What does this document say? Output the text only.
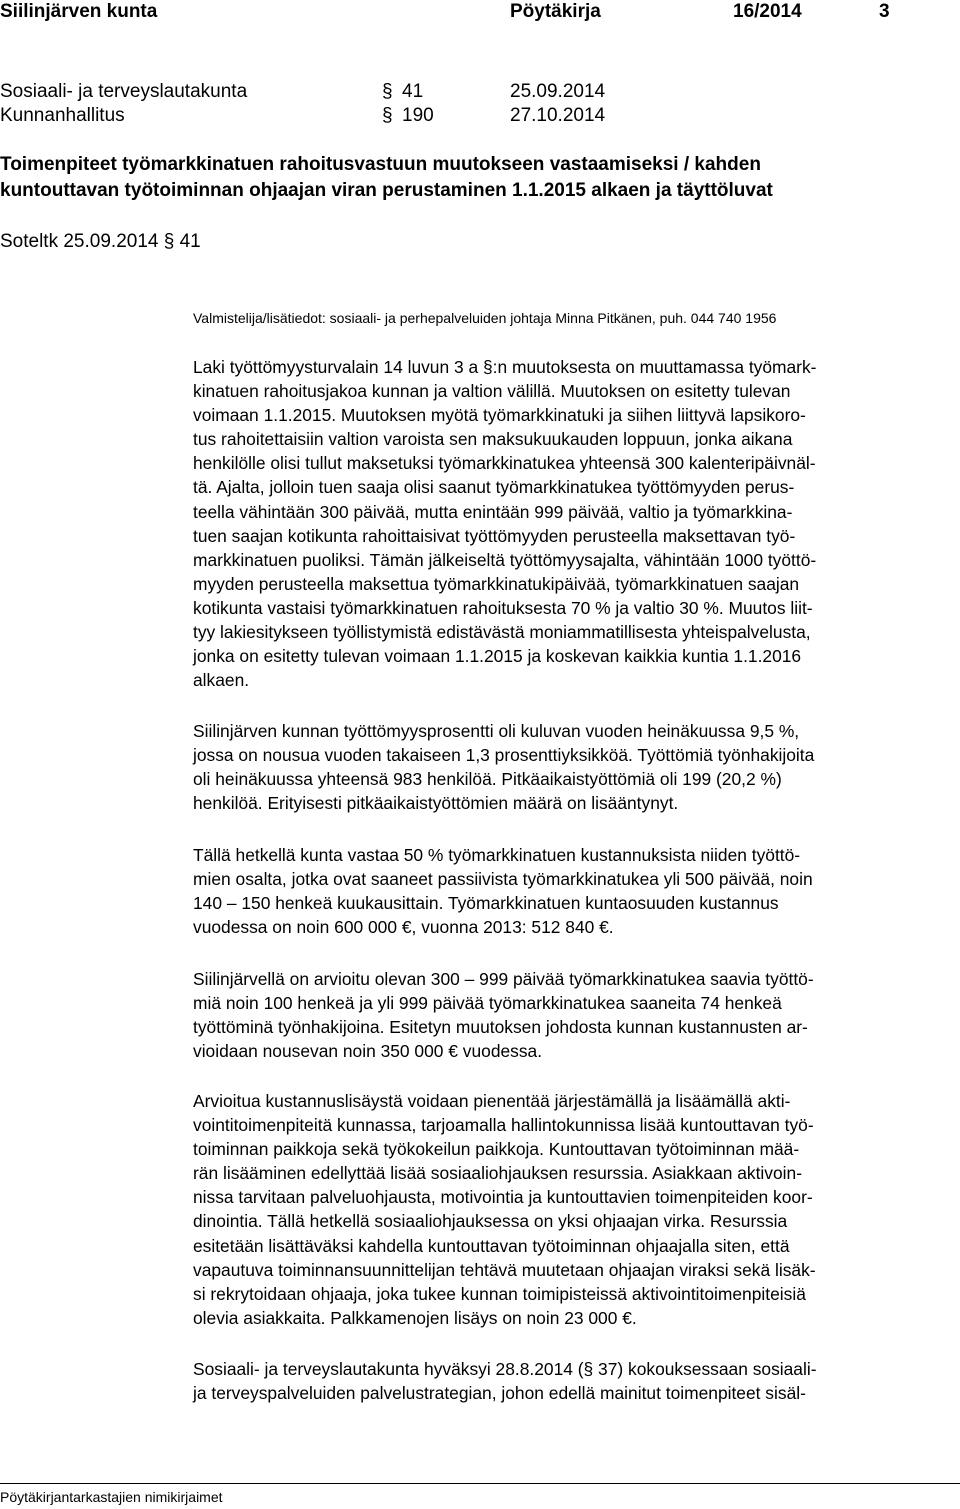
Siilinjärven kunta	Pöytäkirja	16/2014	3
Sosiaali- ja terveyslautakunta	§ 41	25.09.2014
Kunnanhallitus	§ 190	27.10.2014
Toimenpiteet työmarkkinatuen rahoitusvastuun muutokseen vastaamiseksi / kahden
kuntouttavan työtoiminnan ohjaajan viran perustaminen 1.1.2015 alkaen ja täyttöluvat
Soteltk 25.09.2014 § 41
Valmistelija/lisätiedot: sosiaali- ja perhepalveluiden johtaja Minna Pitkänen, puh. 044 740 1956
Laki työttömyysturvalain 14 luvun 3 a §:n muutoksesta on muuttamassa työmark-
kinatuen rahoitusjakoa kunnan ja valtion välillä. Muutoksen on esitetty tulevan
voimaan 1.1.2015. Muutoksen myötä työmarkkinatuki ja siihen liittyvä lapsikoro-
tus rahoitettaisiin valtion varoista sen maksukuukauden loppuun, jonka aikana
henkilölle olisi tullut maksetuksi työmarkkinatukea yhteensä 300 kalenteripäivnäl-
tä. Ajalta, jolloin tuen saaja olisi saanut työmarkkinatukea työttömyyden perus-
teella vähintään 300 päivää, mutta enintään 999 päivää, valtio ja työmarkkina-
tuen saajan kotikunta rahoittaisivat työttömyyden perusteella maksettavan työ-
markkinatuen puoliksi. Tämän jälkeiseltä työttömyysajalta, vähintään 1000 työttö-
myyden perusteella maksettua työmarkkinatukipäivää, työmarkkinatuen saajan
kotikunta vastaisi työmarkkinatuen rahoituksesta 70 % ja valtio 30 %. Muutos liit-
tyy lakiesitykseen työllistymistä edistävästä moniammatillisesta yhteispalvelusta,
jonka on esitetty tulevan voimaan 1.1.2015 ja koskevan kaikkia kuntia 1.1.2016
alkaen.
Siilinjärven kunnan työttömyysprosentti oli kuluvan vuoden heinäkuussa 9,5 %,
jossa on nousua vuoden takaiseen 1,3 prosenttiyksikköä. Työttömiä työnhakijoita
oli heinäkuussa yhteensä 983 henkilöä. Pitkäaikaistyöttömiä oli 199 (20,2 %)
henkilöä. Erityisesti pitkäaikaistyöttömien määrä on lisääntynyt.
Tällä hetkellä kunta vastaa 50 % työmarkkinatuen kustannuksista niiden työttö-
mien osalta, jotka ovat saaneet passiivista työmarkkinatukea yli 500 päivää, noin
140 – 150 henkeä kuukausittain. Työmarkkinatuen kuntaosuuden kustannus
vuodessa on noin 600 000 €, vuonna 2013: 512 840 €.
Siilinjärvellä on arvioitu olevan 300 – 999 päivää työmarkkinatukea saavia työttö-
miä noin 100 henkeä ja yli 999 päivää työmarkkinatukea saaneita 74 henkeä
työttöminä työnhakijoina. Esitetyn muutoksen johdosta kunnan kustannusten ar-
vioidaan nousevan noin 350 000 € vuodessa.
Arvioitua kustannuslisäystä voidaan pienentää järjestämällä ja lisäämällä akti-
vointitoimenpiteitä kunnassa, tarjoamalla hallintokunnissa lisää kuntouttavan työ-
toiminnan paikkoja sekä työkokeilun paikkoja. Kuntouttavan työtoiminnan mää-
rän lisääminen edellyttää lisää sosiaaliohjauksen resurssia. Asiakkaan aktivoin-
nissa tarvitaan palveluohjausta, motivointia ja kuntouttavien toimenpiteiden koor-
dinointia. Tällä hetkellä sosiaaliohjauksessa on yksi ohjaajan virka. Resurssia
esitetään lisättäväksi kahdella kuntouttavan työtoiminnan ohjaajalla siten, että
vapautuva toiminnansuunnittelijan tehtävä muutetaan ohjaajan viraksi sekä lisäk-
si rekrytoidaan ohjaaja, joka tukee kunnan toimipisteissä aktivointitoimenpiteisiä
olevia asiakkaita. Palkkamenojen lisäys on noin 23 000 €.
Sosiaali- ja terveyslautakunta hyväksyi 28.8.2014 (§ 37) kokouksessaan sosiaali-
ja terveyspalveluiden palvelustrategian, johon edellä mainitut toimenpiteet sisäl-
Pöytäkirjantarkastajien nimikirjaimet
